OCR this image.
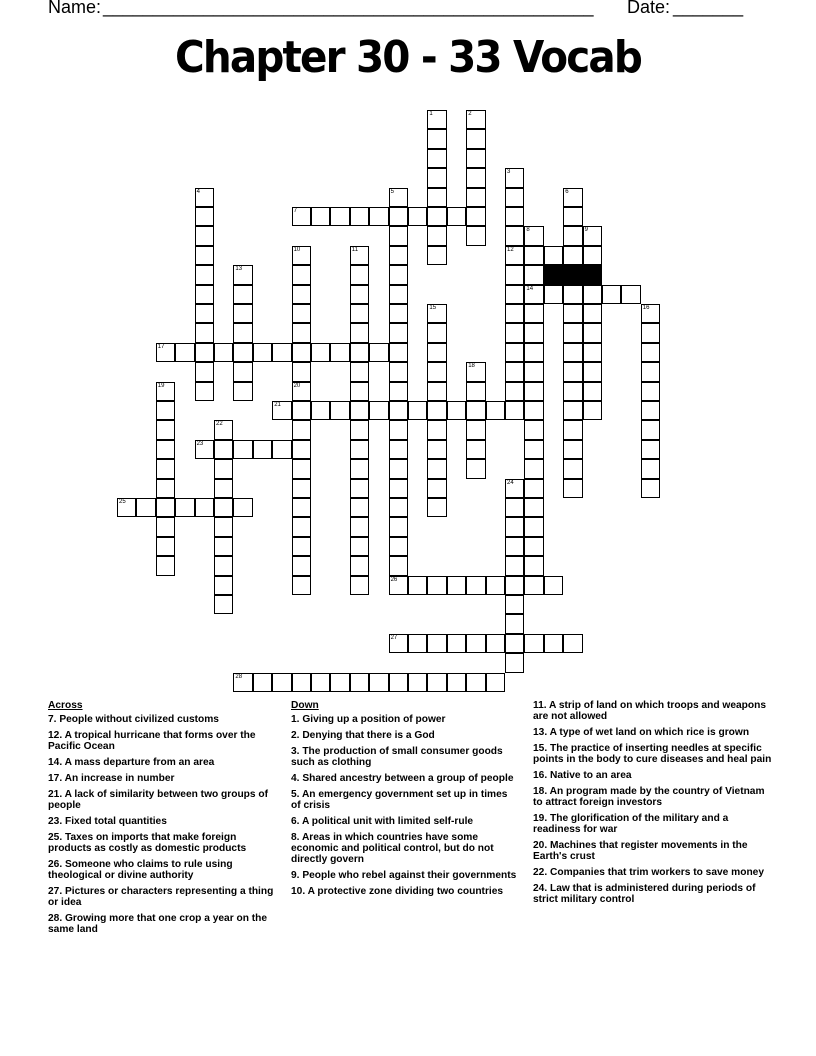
Name: _________________________________________________ Date: _______
Chapter 30 - 33 Vocab
1	2
3
12
4	5	6
7
8
14
9
10
20
11
13
15	16
17
18
19
21
22
23
24
25
26
27
28
Across
7. People without civilized customs
12. A tropical hurricane that forms over the Pacific Ocean
14. A mass departure from an area
17. An increase in number
21. A lack of similarity between two groups of people
23. Fixed total quantities
25. Taxes on imports that make foreign products as costly as domestic products
26. Someone who claims to rule using theological or divine authority
27. Pictures or characters representing a thing or idea
28. Growing more that one crop a year on the same land
Down
1. Giving up a position of power
2. Denying that there is a God
3. The production of small consumer goods such as clothing
4. Shared ancestry between a group of people
5. An emergency government set up in times of crisis
6. A political unit with limited self-rule
8. Areas in which countries have some economic and political control, but do not directly govern
9. People who rebel against their governments
10. A protective zone dividing two countries
11. A strip of land on which troops and weapons are not allowed
13. A type of wet land on which rice is grown
15. The practice of inserting needles at specific points in the body to cure diseases and heal pain
16. Native to an area
18. An program made by the country of Vietnam to attract foreign investors
19. The glorification of the military and a readiness for war
20. Machines that register movements in the Earth's crust
22. Companies that trim workers to save money
24. Law that is administered during periods of strict military control
